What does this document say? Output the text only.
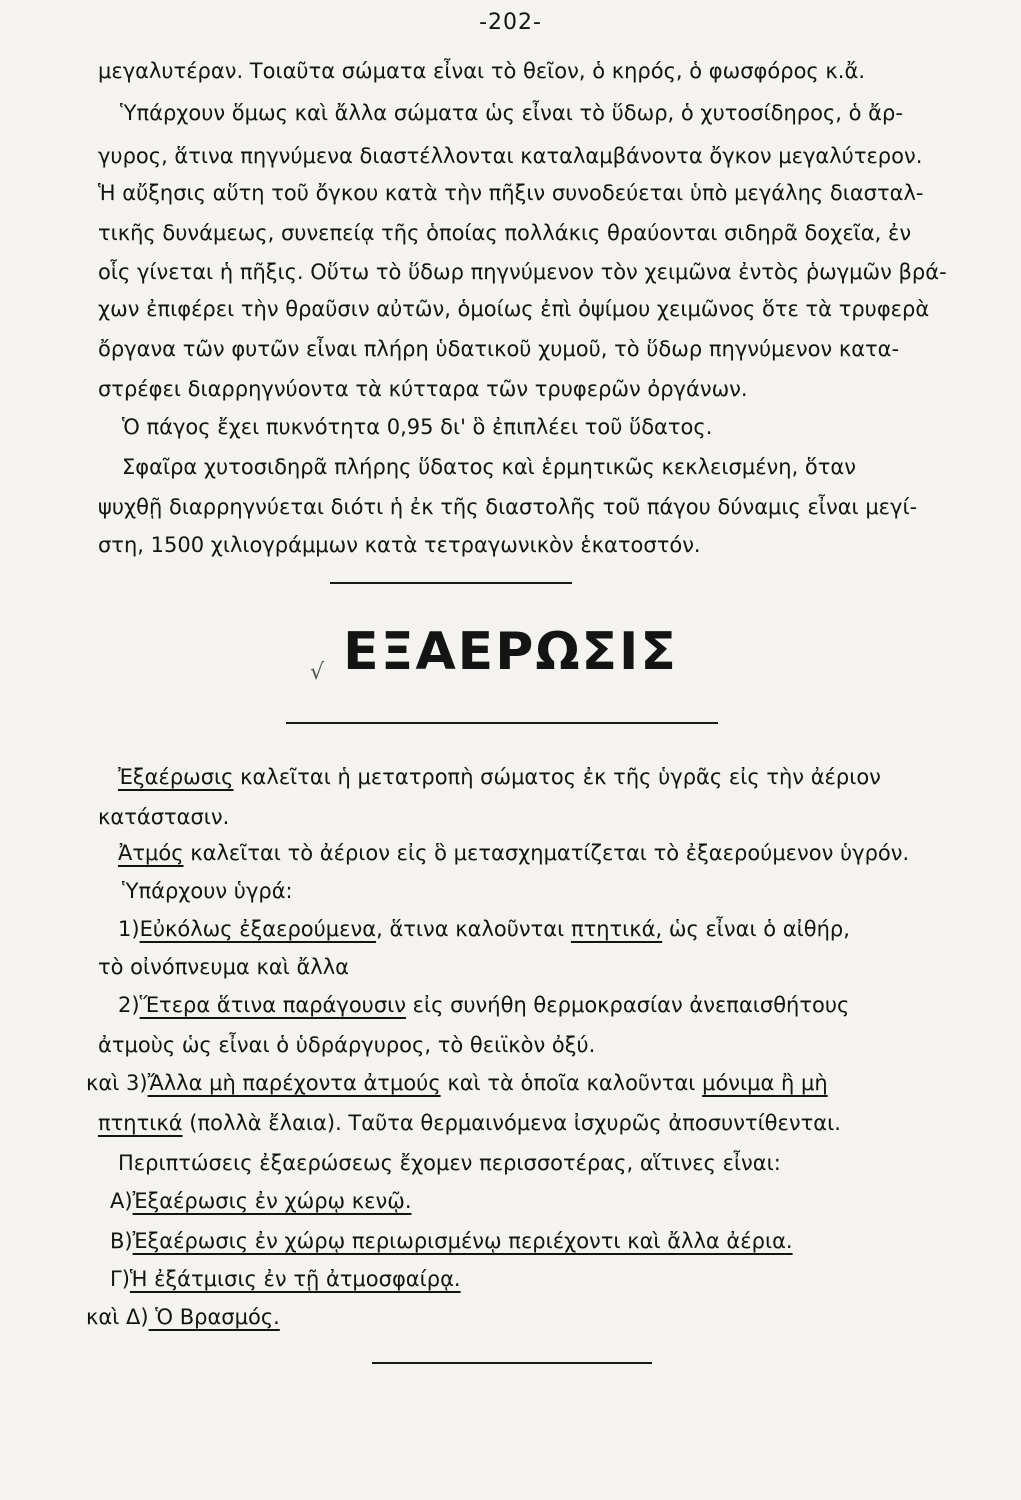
-202-
μεγαλυτέραν. Τοιαῦτα σώματα εἶναι τὸ θεῖον, ὁ κηρός, ὁ φωσφόρος κ.ἄ.
Ὑπάρχουν ὅμως καὶ ἄλλα σώματα ὡς εἶναι τὸ ὕδωρ, ὁ χυτοσίδηρος, ὁ ἄρ-
γυρος, ἅτινα πηγνύμενα διαστέλλονται καταλαμβάνοντα ὄγκον μεγαλύτερον.
Ἡ αὔξησις αὕτη τοῦ ὄγκου κατὰ τὴν πῆξιν συνοδεύεται ὑπὸ μεγάλης διασταλ-
τικῆς δυνάμεως, συνεπείᾳ τῆς ὁποίας πολλάκις θραύονται σιδηρᾶ δοχεῖα, ἐν
οἷς γίνεται ἡ πῆξις. Οὕτω τὸ ὕδωρ πηγνύμενον τὸν χειμῶνα ἐντὸς ῥωγμῶν βρά-
χων ἐπιφέρει τὴν θραῦσιν αὐτῶν, ὁμοίως ἐπὶ ὀψίμου χειμῶνος ὅτε τὰ τρυφερὰ
ὄργανα τῶν φυτῶν εἶναι πλήρη ὑδατικοῦ χυμοῦ, τὸ ὕδωρ πηγνύμενον κατα-
στρέφει διαρρηγνύοντα τὰ κύτταρα τῶν τρυφερῶν ὀργάνων.
Ὁ πάγος ἔχει πυκνότητα 0,95 δι' ὃ ἐπιπλέει τοῦ ὕδατος.
Σφαῖρα χυτοσιδηρᾶ πλήρης ὕδατος καὶ ἑρμητικῶς κεκλεισμένη, ὅταν
ψυχθῇ διαρρηγνύεται διότι ἡ ἐκ τῆς διαστολῆς τοῦ πάγου δύναμις εἶναι μεγί-
στη, 1500 χιλιογράμμων κατὰ τετραγωνικὸν ἑκατοστόν.
√ ΕΞΑΕΡΩΣΙΣ
Ἐξαέρωσις καλεῖται ἡ μετατροπὴ σώματος ἐκ τῆς ὑγρᾶς εἰς τὴν ἀέριον
κατάστασιν.
Ἀτμός καλεῖται τὸ ἀέριον εἰς ὃ μετασχηματίζεται τὸ ἐξαερούμενον ὑγρόν.
Ὑπάρχουν ὑγρά:
1)Εὐκόλως ἐξαερούμενα, ἅτινα καλοῦνται πτητικά, ὡς εἶναι ὁ αἰθήρ,
τὸ οἰνόπνευμα καὶ ἄλλα
2)Ἕτερα ἅτινα παράγουσιν εἰς συνήθη θερμοκρασίαν ἀνεπαισθήτους
ἀτμοὺς ὡς εἶναι ὁ ὑδράργυρος, τὸ θειϊκὸν ὀξύ.
καὶ 3)Ἄλλα μὴ παρέχοντα ἀτμούς καὶ τὰ ὁποῖα καλοῦνται μόνιμα ἢ μὴ
πτητικά (πολλὰ ἔλαια). Ταῦτα θερμαινόμενα ἰσχυρῶς ἀποσυντίθενται.
Περιπτώσεις ἐξαερώσεως ἔχομεν περισσοτέρας, αἵτινες εἶναι:
Α)Ἐξαέρωσις ἐν χώρῳ κενῷ.
Β)Ἐξαέρωσις ἐν χώρῳ περιωρισμένῳ περιέχοντι καὶ ἄλλα ἀέρια.
Γ)Ἡ ἐξάτμισις ἐν τῇ ἀτμοσφαίρᾳ.
καὶ Δ) Ὁ Βρασμός.
